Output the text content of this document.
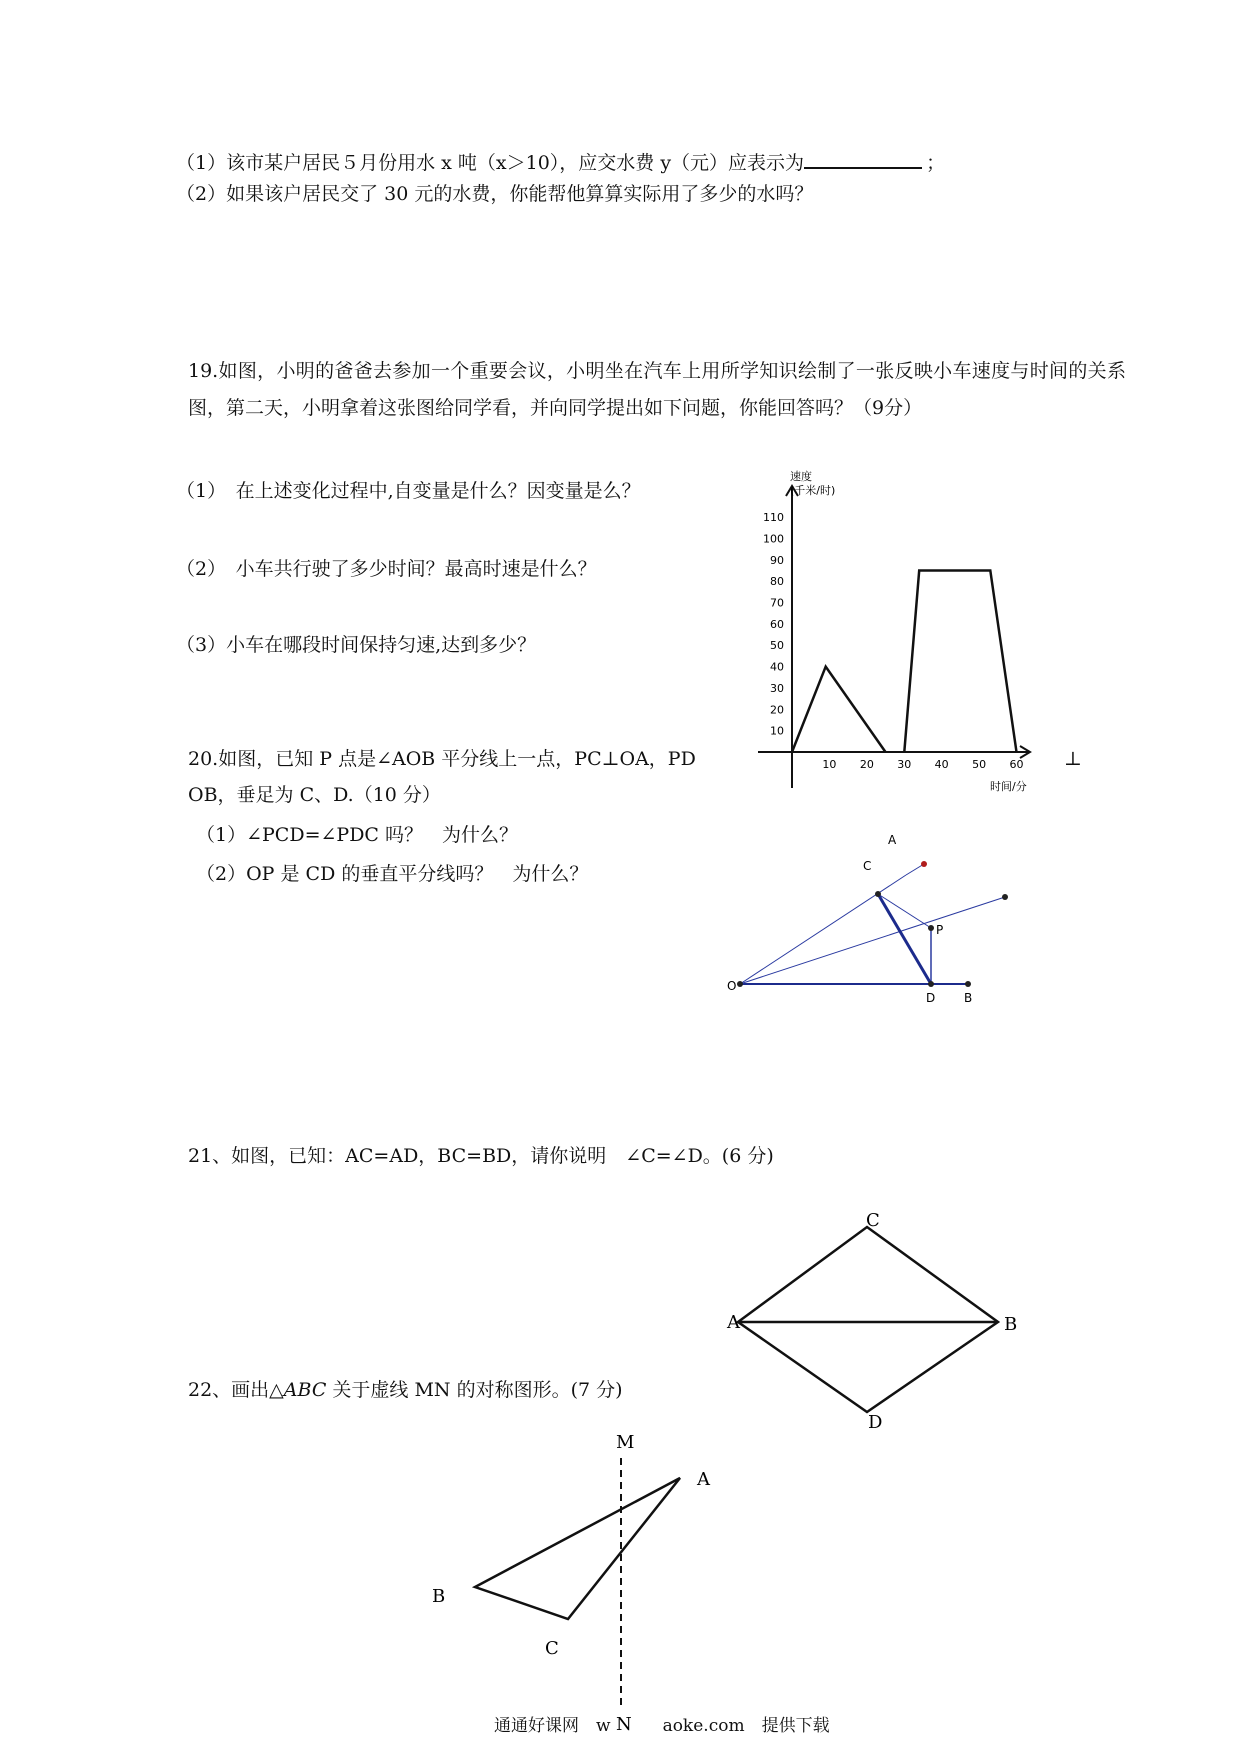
（1）该市某户居民５月份用水 x 吨（x＞10），应交水费 y（元）应表示为	；
（2）如果该户居民交了 30 元的水费，你能帮他算算实际用了多少的水吗？
19.如图，小明的爸爸去参加一个重要会议，小明坐在汽车上用所学知识绘制了一张反映小车速度与时间的关系图，第二天，小明拿着这张图给同学看，并向同学提出如下问题，你能回答吗？（9分）
（1）　在上述变化过程中,自变量是什么？因变量是么？
（2）　小车共行驶了多少时间？最高时速是什么？
（3）小车在哪段时间保持匀速,达到多少？
10
20
30
40
50
60
70
80
90
100
110
10 20 30 40 50 60
速度
(千米/时)
时间/分
20.如图，已知 P 点是∠AOB 平分线上一点，PC⊥OA，PD	⊥
OB，垂足为 C、D.（10 分）
（1）∠PCD=∠PDC 吗？　为什么？
（2）OP 是 CD 的垂直平分线吗？　为什么？
A
C
P
O
D B
21、如图，已知：AC=AD，BC=BD，请你说明　∠C=∠D。(6 分)
C
A	B
D
22、画出△ABC 关于虚线 MN 的对称图形。(7 分)
M
N
A
B
C
通通好课网　w	aoke.com　提供下载
